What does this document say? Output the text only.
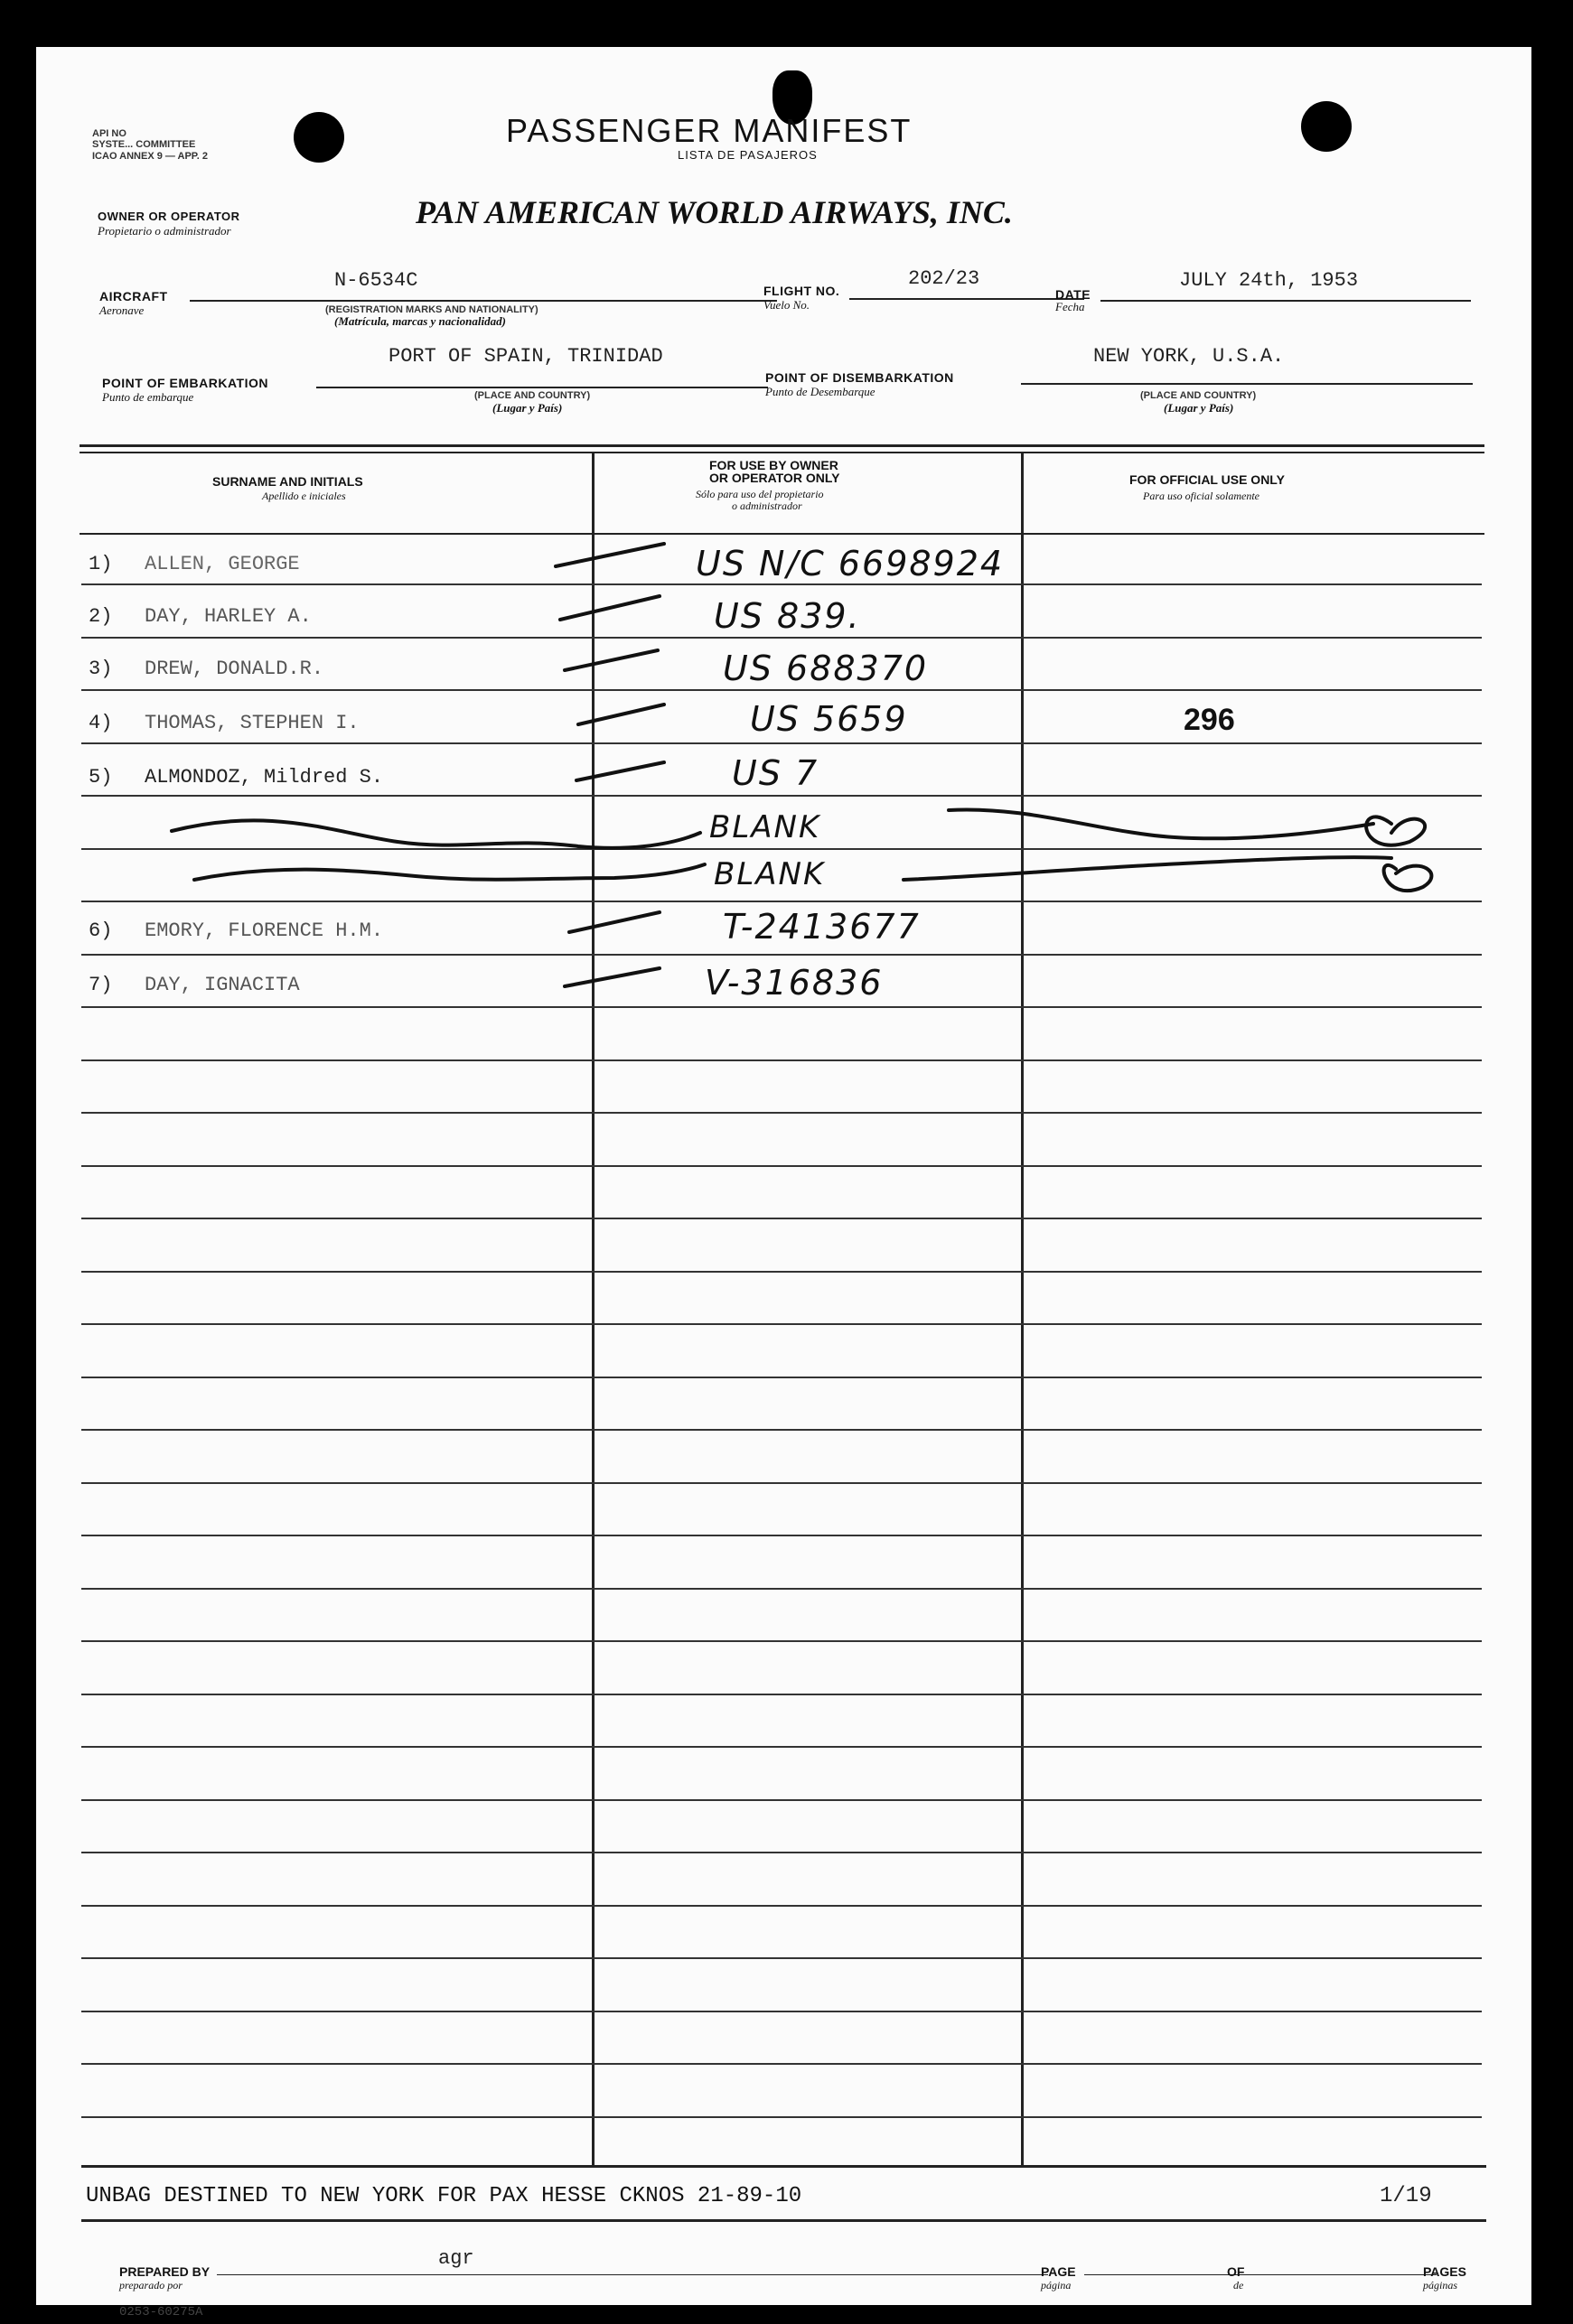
API NO
SYSTE... COMMITTEE
ICAO ANNEX 9 — APP. 2
PASSENGER MANIFEST
LISTA DE PASAJEROS
OWNER OR OPERATOR
Propietario o administrador
PAN AMERICAN WORLD AIRWAYS, INC.
AIRCRAFT
Aeronave
N-6534C
(REGISTRATION MARKS AND NATIONALITY)
(Matrícula, marcas y nacionalidad)
FLIGHT NO.
Vuelo No.
202/23
DATE
Fecha
JULY 24th, 1953
POINT OF EMBARKATION
Punto de embarque
PORT OF SPAIN, TRINIDAD
(PLACE AND COUNTRY)
(Lugar y País)
POINT OF DISEMBARKATION
Punto de Desembarque
NEW YORK, U.S.A.
(PLACE AND COUNTRY)
(Lugar y País)
SURNAME AND INITIALS
Apellido e iniciales
FOR USE BY OWNER
OR OPERATOR ONLY
Sólo para uso del propietario
o administrador
FOR OFFICIAL USE ONLY
Para uso oficial solamente
1) ALLEN, GEORGE	US N/C 6698924
2) DAY, HARLEY A.	US 839.
3) DREW, DONALD.R.	US 688370
4) THOMAS, STEPHEN I.	US 5659	296
5) ALMONDOZ, Mildred S.	US 7
BLANK
BLANK
6) EMORY, FLORENCE H.M.	T-2413677
7) DAY, IGNACITA	V-316836
UNBAG DESTINED TO NEW YORK FOR PAX HESSE CKNOS 21-89-10	1/19
PREPARED BY
preparado por
agr
PAGE
página
OF
de
PAGES
páginas
0253-60275A
